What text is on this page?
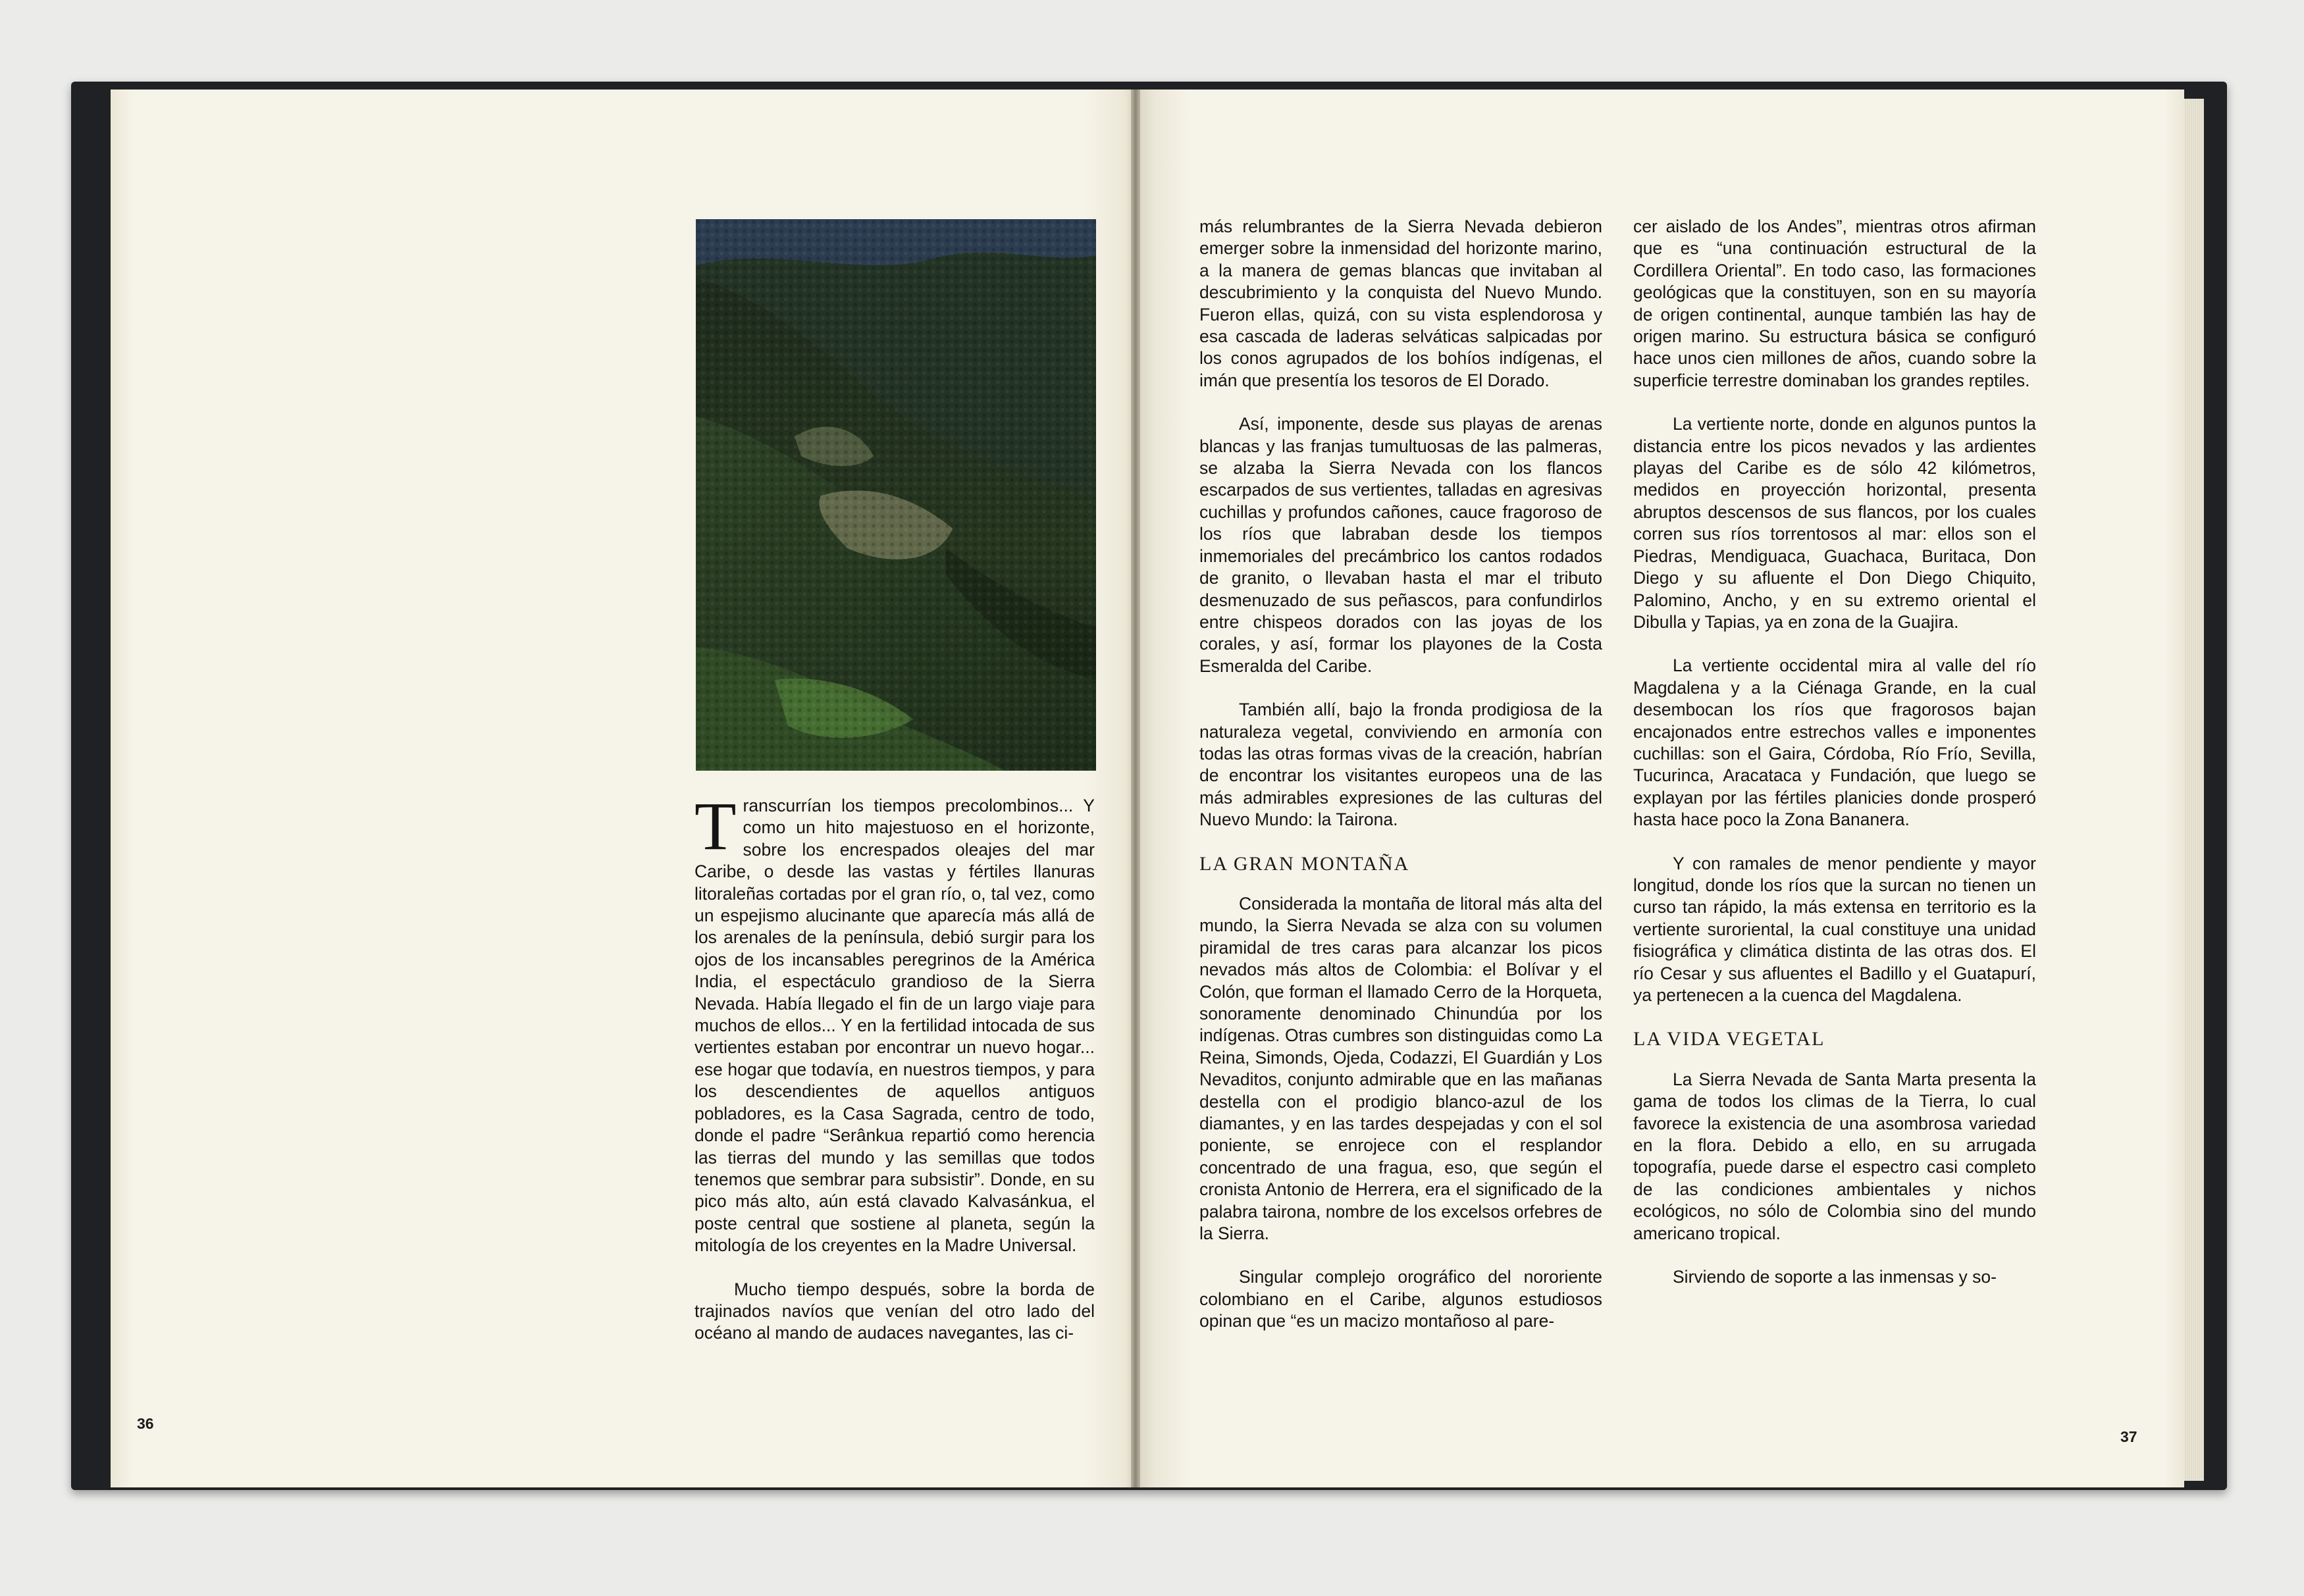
36
37

Transcurrían los tiempos precolombinos... Y como un hito majestuoso en el horizonte, sobre los encrespados oleajes del mar Caribe, o desde las vastas y fértiles llanuras litoraleñas cortadas por el gran río, o, tal vez, como un espejismo alucinante que aparecía más allá de los arenales de la península, debió surgir para los ojos de los incansables peregrinos de la América India, el espectáculo grandioso de la Sierra Nevada. Había llegado el fin de un largo viaje para muchos de ellos... Y en la fertilidad intocada de sus vertientes estaban por encontrar un nuevo hogar... ese hogar que todavía, en nuestros tiempos, y para los descendientes de aquellos antiguos pobladores, es la Casa Sagrada, centro de todo, donde el padre “Serânkua repartió como herencia las tierras del mundo y las semillas que todos tenemos que sembrar para subsistir”. Donde, en su pico más alto, aún está clavado Kalvasánkua, el poste central que sostiene al planeta, según la mitología de los creyentes en la Madre Universal.

Mucho tiempo después, sobre la borda de trajinados navíos que venían del otro lado del océano al mando de audaces navegantes, las ci-

más relumbrantes de la Sierra Nevada debieron emerger sobre la inmensidad del horizonte marino, a la manera de gemas blancas que invitaban al descubrimiento y la conquista del Nuevo Mundo. Fueron ellas, quizá, con su vista esplendorosa y esa cascada de laderas selváticas salpicadas por los conos agrupados de los bohíos indígenas, el imán que presentía los tesoros de El Dorado.

Así, imponente, desde sus playas de arenas blancas y las franjas tumultuosas de las palmeras, se alzaba la Sierra Nevada con los flancos escarpados de sus vertientes, talladas en agresivas cuchillas y profundos cañones, cauce fragoroso de los ríos que labraban desde los tiempos inmemoriales del precámbrico los cantos rodados de granito, o llevaban hasta el mar el tributo desmenuzado de sus peñascos, para confundirlos entre chispeos dorados con las joyas de los corales, y así, formar los playones de la Costa Esmeralda del Caribe.

También allí, bajo la fronda prodigiosa de la naturaleza vegetal, conviviendo en armonía con todas las otras formas vivas de la creación, habrían de encontrar los visitantes europeos una de las más admirables expresiones de las culturas del Nuevo Mundo: la Tairona.

LA GRAN MONTAÑA

Considerada la montaña de litoral más alta del mundo, la Sierra Nevada se alza con su volumen piramidal de tres caras para alcanzar los picos nevados más altos de Colombia: el Bolívar y el Colón, que forman el llamado Cerro de la Horqueta, sonoramente denominado Chinundúa por los indígenas. Otras cumbres son distinguidas como La Reina, Simonds, Ojeda, Codazzi, El Guardián y Los Nevaditos, conjunto admirable que en las mañanas destella con el prodigio blanco-azul de los diamantes, y en las tardes despejadas y con el sol poniente, se enrojece con el resplandor concentrado de una fragua, eso, que según el cronista Antonio de Herrera, era el significado de la palabra tairona, nombre de los excelsos orfebres de la Sierra.

Singular complejo orográfico del nororiente colombiano en el Caribe, algunos estudiosos opinan que “es un macizo montañoso al pare-

cer aislado de los Andes”, mientras otros afirman que es “una continuación estructural de la Cordillera Oriental”. En todo caso, las formaciones geológicas que la constituyen, son en su mayoría de origen continental, aunque también las hay de origen marino. Su estructura básica se configuró hace unos cien millones de años, cuando sobre la superficie terrestre dominaban los grandes reptiles.

La vertiente norte, donde en algunos puntos la distancia entre los picos nevados y las ardientes playas del Caribe es de sólo 42 kilómetros, medidos en proyección horizontal, presenta abruptos descensos de sus flancos, por los cuales corren sus ríos torrentosos al mar: ellos son el Piedras, Mendiguaca, Guachaca, Buritaca, Don Diego y su afluente el Don Diego Chiquito, Palomino, Ancho, y en su extremo oriental el Dibulla y Tapias, ya en zona de la Guajira.

La vertiente occidental mira al valle del río Magdalena y a la Ciénaga Grande, en la cual desembocan los ríos que fragorosos bajan encajonados entre estrechos valles e imponentes cuchillas: son el Gaira, Córdoba, Río Frío, Sevilla, Tucurinca, Aracataca y Fundación, que luego se explayan por las fértiles planicies donde prosperó hasta hace poco la Zona Bananera.

Y con ramales de menor pendiente y mayor longitud, donde los ríos que la surcan no tienen un curso tan rápido, la más extensa en territorio es la vertiente suroriental, la cual constituye una unidad fisiográfica y climática distinta de las otras dos. El río Cesar y sus afluentes el Badillo y el Guatapurí, ya pertenecen a la cuenca del Magdalena.

LA VIDA VEGETAL

La Sierra Nevada de Santa Marta presenta la gama de todos los climas de la Tierra, lo cual favorece la existencia de una asombrosa variedad en la flora. Debido a ello, en su arrugada topografía, puede darse el espectro casi completo de las condiciones ambientales y nichos ecológicos, no sólo de Colombia sino del mundo americano tropical.

Sirviendo de soporte a las inmensas y so-
